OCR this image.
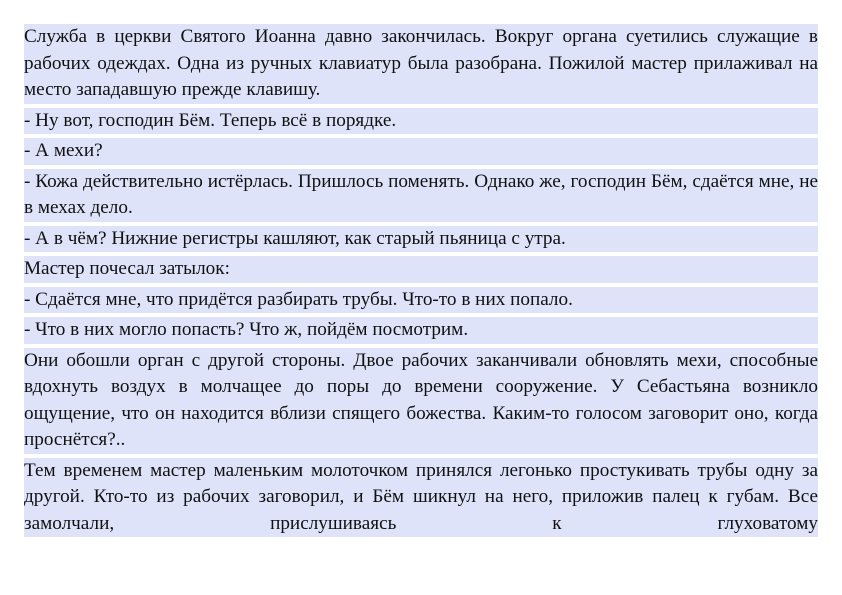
Служба в церкви Святого Иоанна давно закончилась. Вокруг органа суетились служащие в рабочих одеждах. Одна из ручных клавиатур была разобрана. Пожилой мастер прилаживал на место западавшую прежде клавишу.

- Ну вот, господин Бём. Теперь всё в порядке.

- А мехи?

- Кожа действительно истёрлась. Пришлось поменять. Однако же, господин Бём, сдаётся мне, не в мехах дело.

- А в чём? Нижние регистры кашляют, как старый пьяница с утра.

Мастер почесал затылок:

- Сдаётся мне, что придётся разбирать трубы. Что-то в них попало.

- Что в них могло попасть? Что ж, пойдём посмотрим.

Они обошли орган с другой стороны. Двое рабочих заканчивали обновлять мехи, способные вдохнуть воздух в молчащее до поры до времени сооружение. У Себастьяна возникло ощущение, что он находится вблизи спящего божества. Каким-то голосом заговорит оно, когда проснётся?..

Тем временем мастер маленьким молоточком принялся легонько простукивать трубы одну за другой. Кто-то из рабочих заговорил, и Бём шикнул на него, приложив палец к губам. Все замолчали, прислушиваясь к глуховатому
